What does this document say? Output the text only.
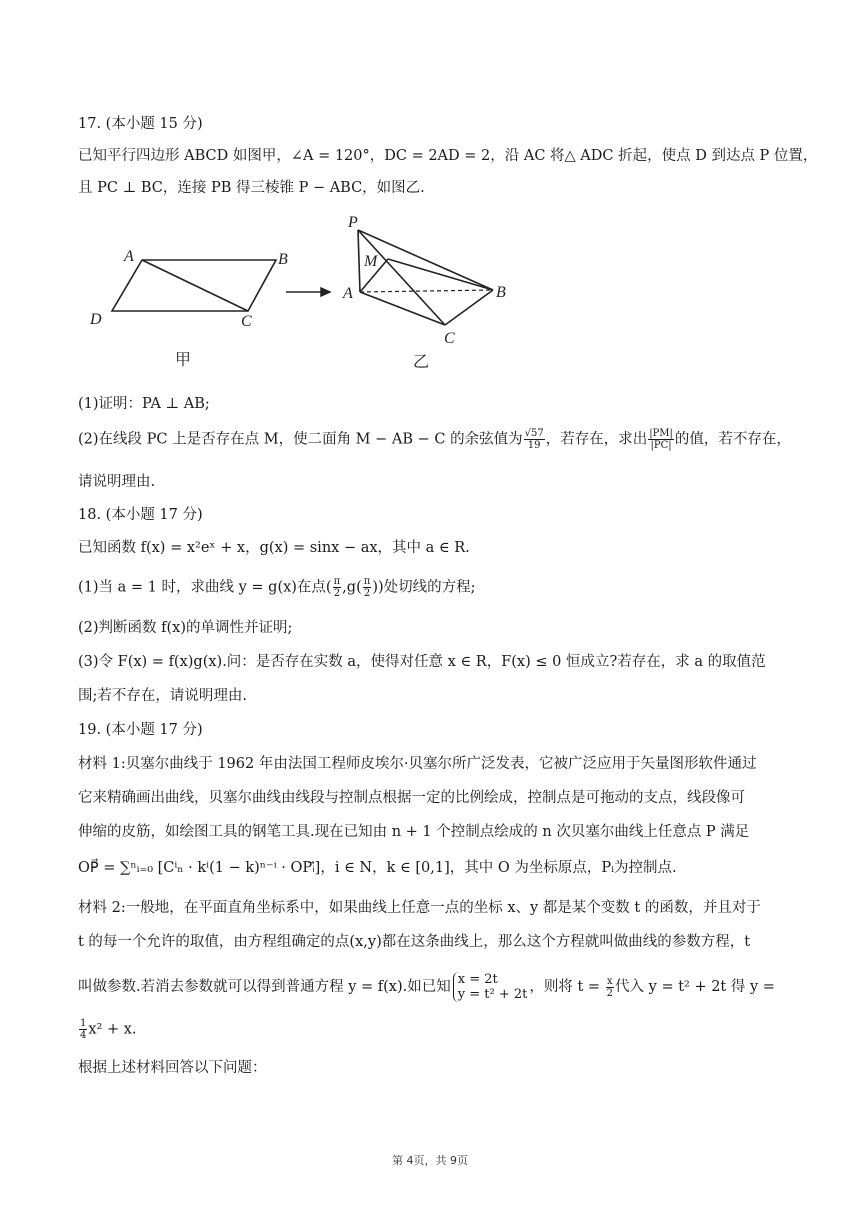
17. (本小题 15 分)
已知平行四边形 ABCD 如图甲，∠A = 120°，DC = 2AD = 2，沿 AC 将△ ADC 折起，使点 D 到达点 P 位置，
且 PC ⊥ BC，连接 PB 得三棱锥 P − ABC，如图乙.
A	B
D	C
甲
P
M
A	B
C
乙
(1)证明：PA ⊥ AB;
(2)在线段 PC 上是否存在点 M，使二面角 M − AB − C 的余弦值为 $\frac{√57}{19}$ ，若存在，求出 $\frac{|PM|}{|PC|}$ 的值，若不存在，
请说明理由.
18. (本小题 17 分)
已知函数 f(x) = x²eˣ + x，g(x) = sinx − ax，其中 a ∈ R.
(1)当 a = 1 时，求曲线 y = g(x)在点( $\frac{\pi}{2} ,g( \frac{\pi}{2}$ ))处切线的方程;
(2)判断函数 f(x)的单调性并证明;
(3)令 F(x) = f(x)g(x).问：是否存在实数 a，使得对任意 x ∈ R，F(x) ≤ 0 恒成立?若存在，求 a 的取值范
围;若不存在，请说明理由.
19. (本小题 17 分)
材料 1:贝塞尔曲线于 1962 年由法国工程师皮埃尔·贝塞尔所广泛发表，它被广泛应用于矢量图形软件通过
它来精确画出曲线，贝塞尔曲线由线段与控制点根据一定的比例绘成，控制点是可拖动的支点，线段像可
伸缩的皮筋，如绘图工具的钢笔工具.现在已知由 n + 1 个控制点绘成的 n 次贝塞尔曲线上任意点 P 满足
OP⃗ = ∑ⁿᵢ₌₀ [Cⁱₙ · kⁱ(1 − k)ⁿ⁻ⁱ · OPᵢ⃗]，i ∈ N，k ∈ [0,1]，其中 O 为坐标原点，Pᵢ为控制点.
材料 2:一般地，在平面直角坐标系中，如果曲线上任意一点的坐标 x、y 都是某个变数 t 的函数，并且对于
t 的每一个允许的取值，由方程组确定的点(x,y)都在这条曲线上，那么这个方程就叫做曲线的参数方程，t
叫做参数.若消去参数就可以得到普通方程 y = f(x).如已知 x = 2t
y = t² + 2t ，则将 $t = \frac{x}{2}$ 代入 y = t² + 2t 得 y =
$\frac{1}{4} x^2 + x$.
根据上述材料回答以下问题：
第 4页，共 9页
